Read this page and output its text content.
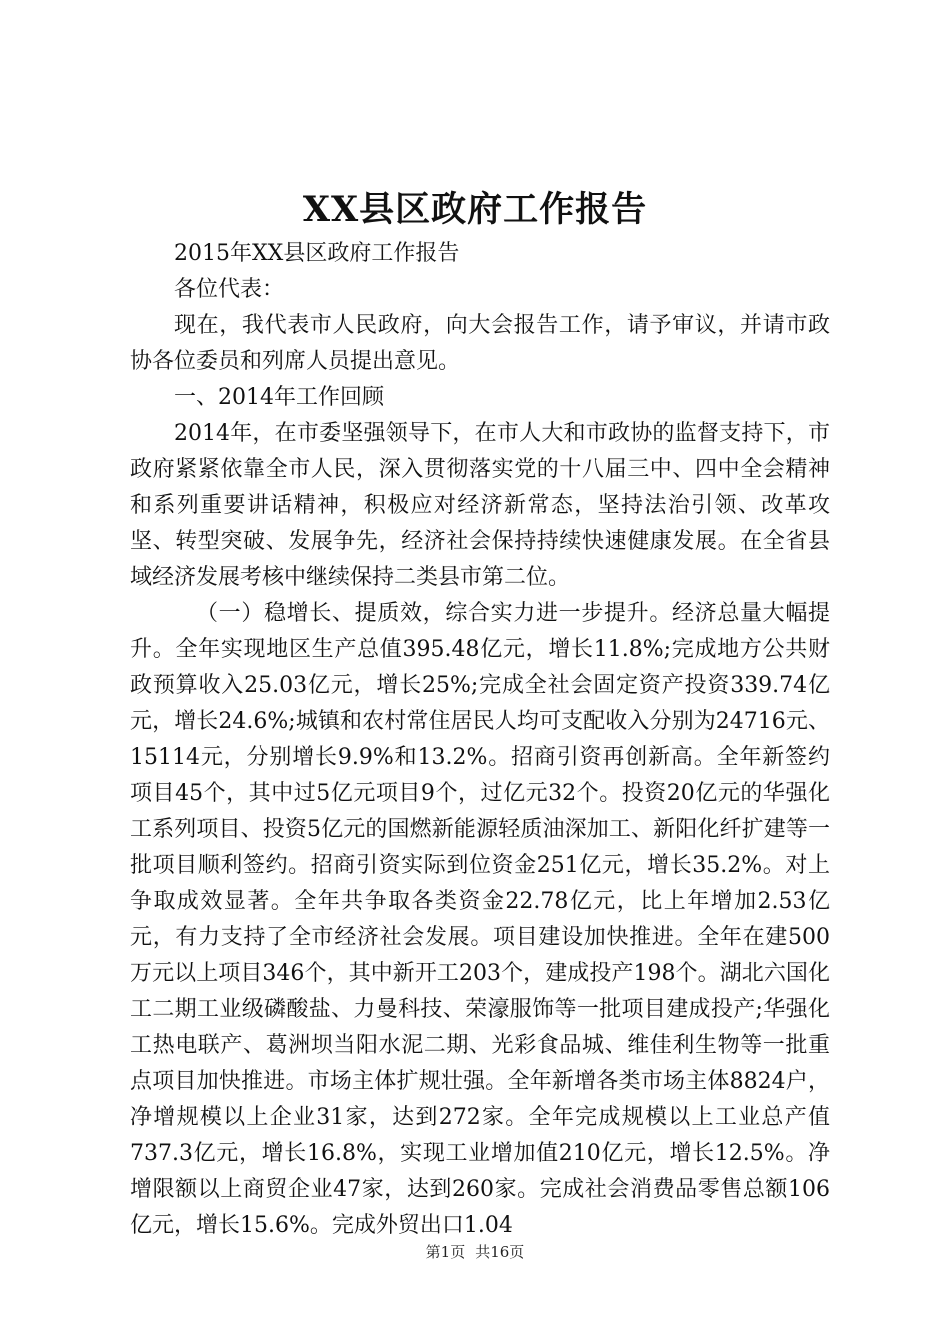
XX县区政府工作报告

2015年XX县区政府工作报告

各位代表：

现在，我代表市人民政府，向大会报告工作，请予审议，并请市政协各位委员和列席人员提出意见。

一、2014年工作回顾

2014年，在市委坚强领导下，在市人大和市政协的监督支持下，市政府紧紧依靠全市人民，深入贯彻落实党的十八届三中、四中全会精神和系列重要讲话精神，积极应对经济新常态，坚持法治引领、改革攻坚、转型突破、发展争先，经济社会保持持续快速健康发展。在全省县域经济发展考核中继续保持二类县市第二位。

（一）稳增长、提质效，综合实力进一步提升。经济总量大幅提升。全年实现地区生产总值395.48亿元，增长11.8%;完成地方公共财政预算收入25.03亿元，增长25%;完成全社会固定资产投资339.74亿元，增长24.6%;城镇和农村常住居民人均可支配收入分别为24716元、15114元，分别增长9.9%和13.2%。招商引资再创新高。全年新签约项目45个，其中过5亿元项目9个，过亿元32个。投资20亿元的华强化工系列项目、投资5亿元的国燃新能源轻质油深加工、新阳化纤扩建等一批项目顺利签约。招商引资实际到位资金251亿元，增长35.2%。对上争取成效显著。全年共争取各类资金22.78亿元，比上年增加2.53亿元，有力支持了全市经济社会发展。项目建设加快推进。全年在建500万元以上项目346个，其中新开工203个，建成投产198个。湖北六国化工二期工业级磷酸盐、力曼科技、荣濠服饰等一批项目建成投产;华强化工热电联产、葛洲坝当阳水泥二期、光彩食品城、维佳利生物等一批重点项目加快推进。市场主体扩规壮强。全年新增各类市场主体8824户，净增规模以上企业31家，达到272家。全年完成规模以上工业总产值737.3亿元，增长16.8%，实现工业增加值210亿元，增长12.5%。净增限额以上商贸企业47家，达到260家。完成社会消费品零售总额106亿元，增长15.6%。完成外贸出口1.04

第1页 共16页
